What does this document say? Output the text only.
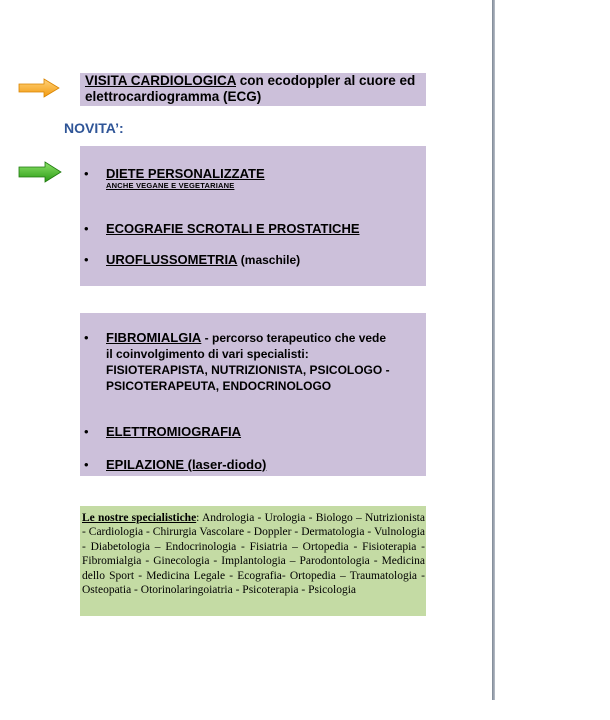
VISITA CARDIOLOGICA con ecodoppler al cuore ed elettrocardiogramma (ECG)
NOVITA’:
• DIETE PERSONALIZZATE
ANCHE VEGANE E VEGETARIANE
• ECOGRAFIE SCROTALI E PROSTATICHE
• UROFLUSSOMETRIA (maschile)
• FIBROMIALGIA - percorso terapeutico che vede il coinvolgimento di vari specialisti: FISIOTERAPISTA, NUTRIZIONISTA, PSICOLOGO - PSICOTERAPEUTA, ENDOCRINOLOGO
• ELETTROMIOGRAFIA
• EPILAZIONE (laser-diodo)
Le nostre specialistiche: Andrologia - Urologia - Biologo – Nutrizionista - Cardiologia - Chirurgia Vascolare - Doppler - Dermatologia - Vulnologia - Diabetologia – Endocrinologia - Fisiatria – Ortopedia - Fisioterapia - Fibromialgia - Ginecologia - Implantologia – Parodontologia - Medicina dello Sport - Medicina Legale - Ecografia- Ortopedia – Traumatologia - Osteopatia - Otorinolaringoiatria - Psicoterapia - Psicologia
